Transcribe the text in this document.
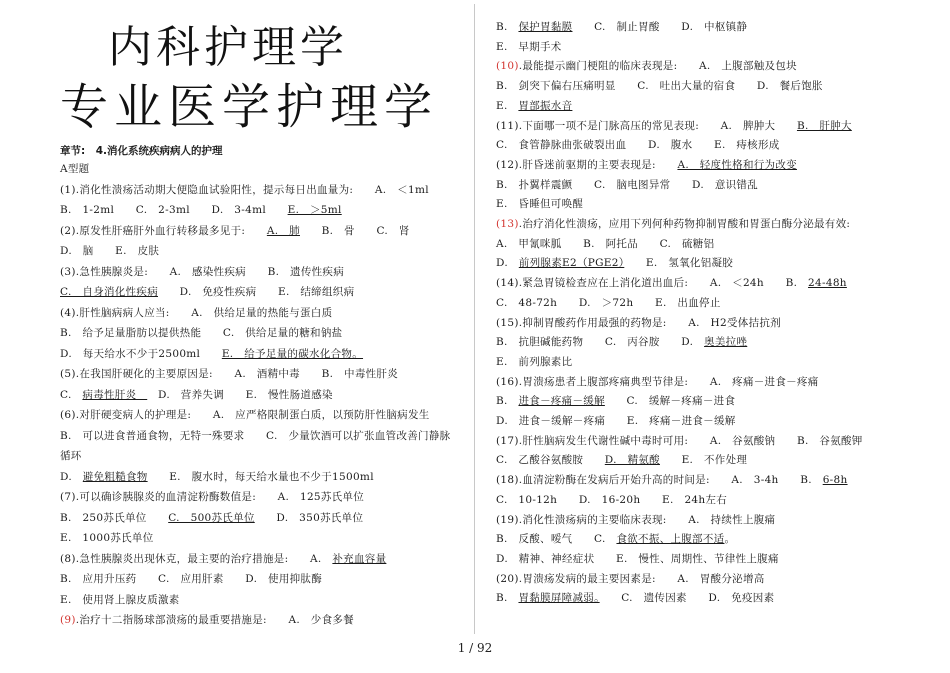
内科护理学
专业医学护理学
章节:　4.消化系统疾病病人的护理
A型题
(1).消化性溃疡活动期大便隐血试验阳性，提示每日出血量为:　　A.　＜1ml
B.　1-2ml　　C.　2-3ml　　D.　3-4ml　　E.　＞5ml
(2).原发性肝癌肝外血行转移最多见于:　　A.　肺　　B.　骨　　C.　肾
D.　脑　　E.　皮肤
(3).急性胰腺炎是:　　A.　感染性疾病　　B.　遗传性疾病
C.　自身消化性疾病　　D.　免疫性疾病　　E.　结缔组织病
(4).肝性脑病病人应当:　　A.　供给足量的热能与蛋白质
B.　给予足量脂肪以提供热能　　C.　供给足量的糖和钠盐
D.　每天给水不少于2500ml　　E.　给予足量的碳水化合物。
(5).在我国肝硬化的主要原因是:　　A.　酒精中毒　　B.　中毒性肝炎
C.　病毒性肝炎　　D.　营养失调　　E.　慢性肠道感染
(6).对肝硬变病人的护理是:　　A.　应严格限制蛋白质，以预防肝性脑病发生
B.　可以进食普通食物，无特一殊要求　　C.　少量饮酒可以扩张血管改善门静脉
循环
D.　避免粗糙食物　　E.　腹水时，每天给水量也不少于1500ml
(7).可以确诊胰腺炎的血清淀粉酶数值是:　　A.　125苏氏单位
B.　250苏氏单位　　C.　500苏氏单位　　D.　350苏氏单位
E.　1000苏氏单位
(8).急性胰腺炎出现休克，最主要的治疗措施是:　　A.　补充血容量
B.　应用升压药　　C.　应用肝素　　D.　使用抑肽酶
E.　使用肾上腺皮质激素
(9).治疗十二指肠球部溃疡的最重要措施是:　　A.　少食多餐
B.　保护胃黏膜　　C.　制止胃酸　　D.　中枢镇静
E.　早期手术
(10).最能提示幽门梗阻的临床表现是:　　A.　上腹部触及包块
B.　剑突下偏右压痛明显　　C.　吐出大量的宿食　　D.　餐后饱胀
E.　胃部振水音
(11).下面哪一项不是门脉高压的常见表现:　　A.　脾肿大　　B.　肝肿大
C.　食管静脉曲张破裂出血　　D.　腹水　　E.　痔核形成
(12).肝昏迷前驱期的主要表现是:　　A.　轻度性格和行为改变
B.　扑翼样震颤　　C.　脑电图异常　　D.　意识错乱
E.　昏睡但可唤醒
(13).治疗消化性溃疡，应用下列何种药物抑制胃酸和胃蛋白酶分泌最有效:
A.　甲氰咪胍　　B.　阿托品　　C.　硫糖铝
D.　前列腺素E2（PGE2）　　E.　氢氧化铝凝胶
(14).紧急胃镜检查应在上消化道出血后:　　A.　＜24h　　B.　24-48h
C.　48-72h　　D.　＞72h　　E.　出血停止
(15).抑制胃酸药作用最强的药物是:　　A.　H2受体拮抗剂
B.　抗胆碱能药物　　C.　丙谷胺　　D.　奥美拉唑
E.　前列腺素比
(16).胃溃疡患者上腹部疼痛典型节律是:　　A.　疼痛－进食－疼痛
B.　进食－疼痛－缓解　　C.　缓解－疼痛－进食
D.　进食－缓解－疼痛　　E.　疼痛－进食－缓解
(17).肝性脑病发生代谢性碱中毒时可用:　　A.　谷氨酸钠　　B.　谷氨酸钾
C.　乙酸谷氨酸胺　　D.　精氨酸　　E.　不作处理
(18).血清淀粉酶在发病后开始升高的时间是:　　A.　3-4h　　B.　6-8h
C.　10-12h　　D.　16-20h　　E.　24h左右
(19).消化性溃疡病的主要临床表现:　　A.　持续性上腹痛
B.　反酸、嗳气　　C.　食欲不振、上腹部不适。
D.　精神、神经症状　　E.　慢性、周期性、节律性上腹痛
(20).胃溃疡发病的最主要因素是:　　A.　胃酸分泌增高
B.　胃黏膜屏障减弱。　　C.　遗传因素　　D.　免疫因素
1 / 92
